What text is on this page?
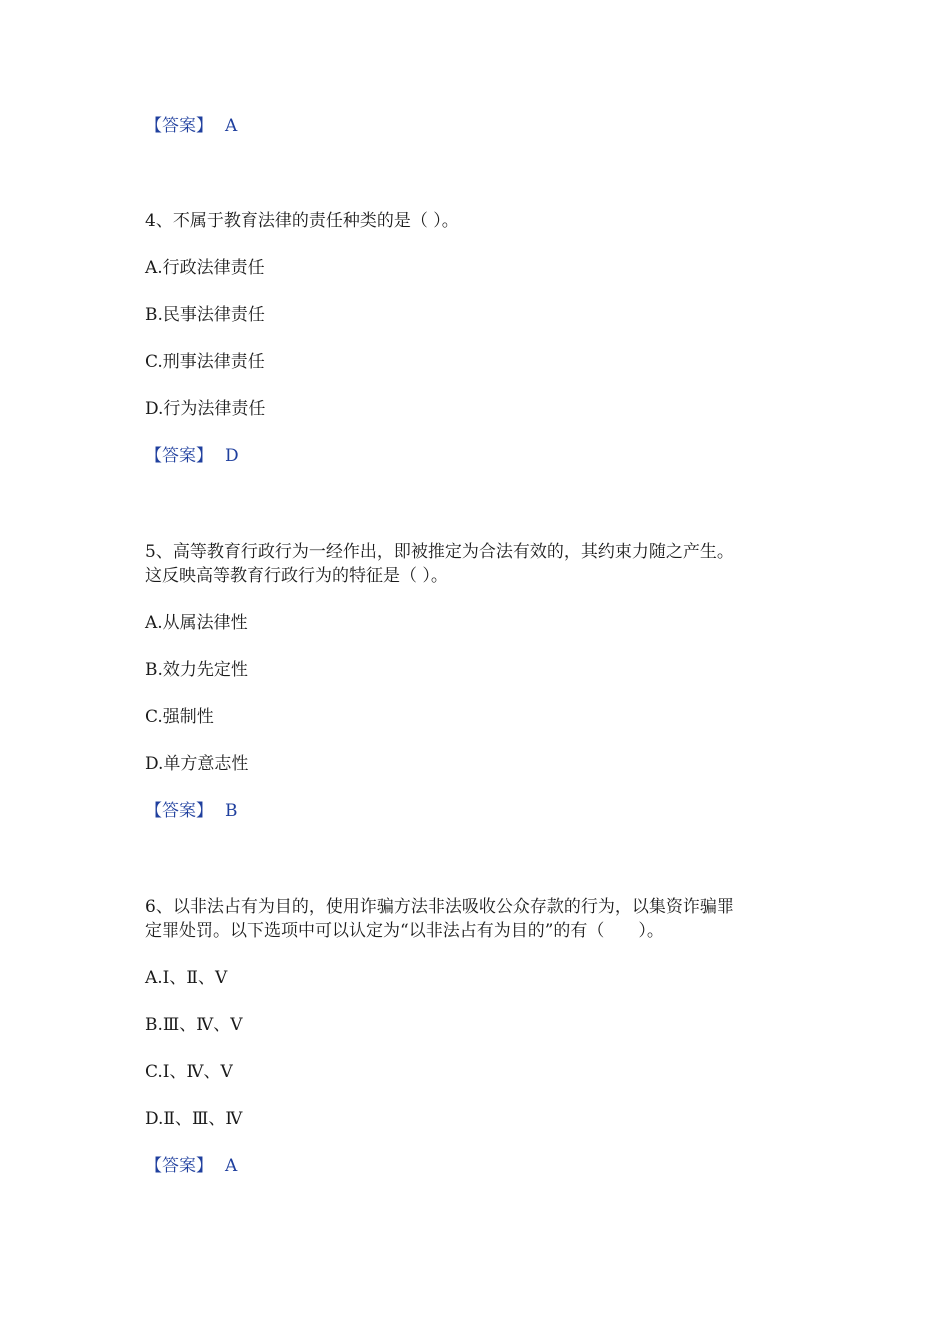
【答案】 A
4、不属于教育法律的责任种类的是（ ）。
A.行政法律责任
B.民事法律责任
C.刑事法律责任
D.行为法律责任
【答案】 D
5、高等教育行政行为一经作出，即被推定为合法有效的，其约束力随之产生。
这反映高等教育行政行为的特征是（ ）。
A.从属法律性
B.效力先定性
C.强制性
D.单方意志性
【答案】 B
6、以非法占有为目的，使用诈骗方法非法吸收公众存款的行为，以集资诈骗罪
定罪处罚。以下选项中可以认定为“以非法占有为目的”的有（　　）。
A.Ⅰ、Ⅱ、Ⅴ
B.Ⅲ、Ⅳ、Ⅴ
C.Ⅰ、Ⅳ、Ⅴ
D.Ⅱ、Ⅲ、Ⅳ
【答案】 A
